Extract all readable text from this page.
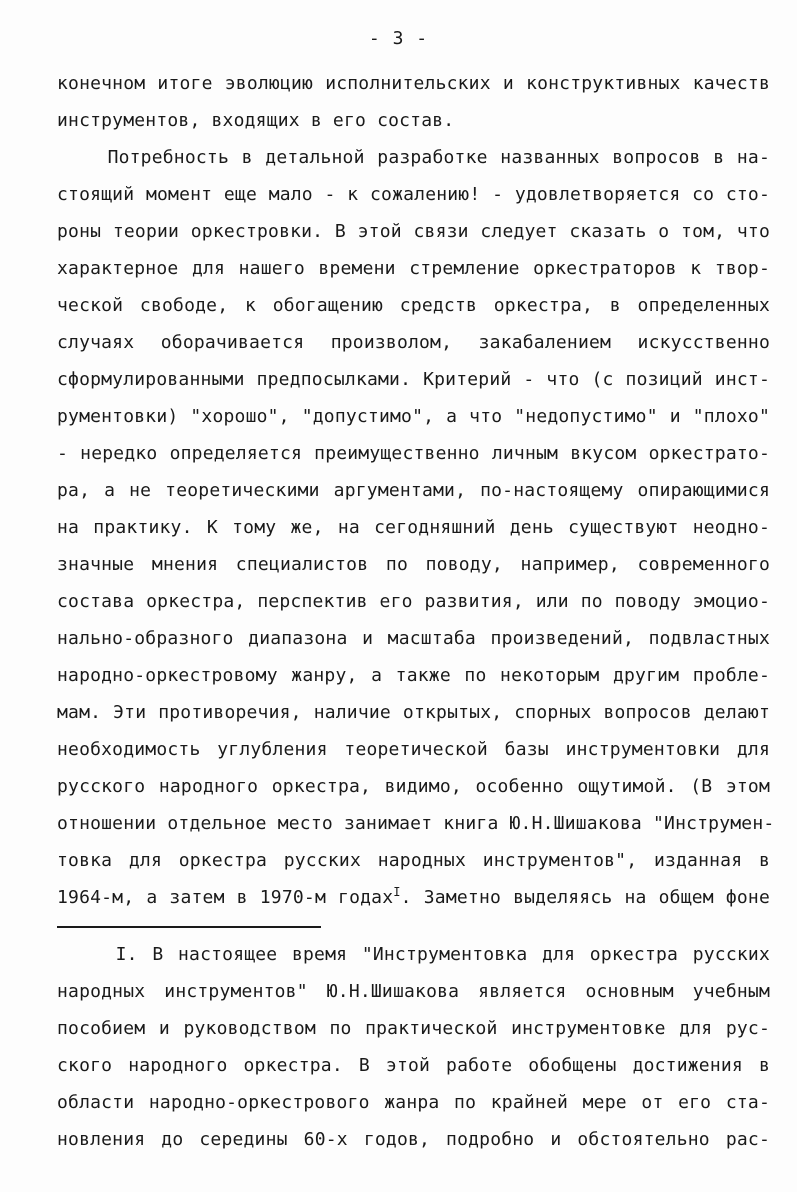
- 3 -
конечном итоге эволюцию исполнительских и конструктивных качеств
инструментов, входящих в его состав.
Потребность в детальной разработке названных вопросов в на-
стоящий момент еще мало - к сожалению! - удовлетворяется со сто-
роны теории оркестровки. В этой связи следует сказать о том, что
характерное для нашего времени стремление оркестраторов к твор-
ческой свободе, к обогащению средств оркестра, в определенных
случаях оборачивается произволом, закабалением искусственно
сформулированными предпосылками. Критерий - что (с позиций инст-
рументовки) "хорошо", "допустимо", а что "недопустимо" и "плохо"
- нередко определяется преимущественно личным вкусом оркестрато-
ра, а не теоретическими аргументами, по-настоящему опирающимися
на практику. К тому же, на сегодняшний день существуют неодно-
значные мнения специалистов по поводу, например, современного
состава оркестра, перспектив его развития, или по поводу эмоцио-
нально-образного диапазона и масштаба произведений, подвластных
народно-оркестровому жанру, а также по некоторым другим пробле-
мам. Эти противоречия, наличие открытых, спорных вопросов делают
необходимость углубления теоретической базы инструментовки для
русского народного оркестра, видимо, особенно ощутимой. (В этом
отношении отдельное место занимает книга Ю.Н.Шишакова "Инструмен-
товка для оркестра русских народных инструментов", изданная в
1964-м, а затем в 1970-м годах$^I$. Заметно выделяясь на общем фоне
I. В настоящее время "Инструментовка для оркестра русских
народных инструментов" Ю.Н.Шишакова является основным учебным
пособием и руководством по практической инструментовке для рус-
ского народного оркестра. В этой работе обобщены достижения в
области народно-оркестрового жанра по крайней мере от его ста-
новления до середины 60-х годов, подробно и обстоятельно рас-
